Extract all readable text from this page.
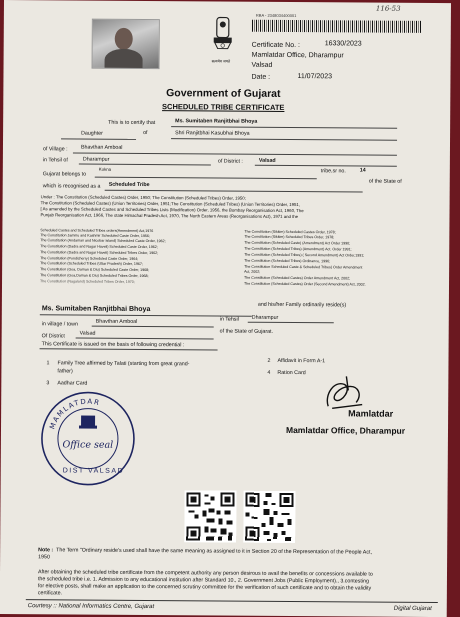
116-53
सत्यमेव जयते
RBA - 2348034400001
Certificate No. :	16330/2023
Mamlatdar Office, Dharampur
Valsad
Date :	11/07/2023
Government of Gujarat
SCHEDULED TRIBE CERTIFICATE
This is to certify that	Ms. Sumitaben Ranjitbhai Bhoya
Daughter	of	Shri Ranjitbhai Kasubhai Bhoya
of Village :	Bhavthan Amboal
in Tehsil of	Dharampur	of District :	Valsad
Gujarat belongs to
Kukna	tribe,sr no.	14
which is recognised as a Scheduled Tribe
of the State of
Under : The Constitution (Scheduled Castes) Order, 1950; The Constitution (Scheduled Tribes) Order, 1950;
The Constitution (Scheduled Castes) (Union Territories) Order, 1951;The Constitution (Scheduled Tribes) (Union Territories) Order, 1951,
[ As amended by the Scheduled Castes and Scheduled Tribes Lists (Modification) Order, 1956, the Bombay Reorganisation Act, 1960, The
Punjab Reorganisation Act, 1966, The state Himachal Pradesh Act, 1970, The North Eastern Areas (Reorganisations Act), 1971 and the
Scheduled Castes and Scheduled Tribes orders(Amendment) Act,1976
The Constitution Jammu and Kashmir Scheduled Caste Order, 1956;
The Constitution (Andaman and Nicobar Island) Scheduled Caste Order, 1962;
The Constitution (Dadra and Nagar Haveli) Scheduled Caste Order, 1962;
The Constitution (Dadra and Nagar Haveli) Scheduled Tribes Order, 1962;
The Constitution (Pondicherry) Scheduled Caste Order, 1964;
The Constitution (Scheduled Tribes (Uttar Pradesh) Order, 1967;
The Constitution (Goa, Daman & Diu) Scheduled Caste Order, 1968;
The Constitution (Goa,Daman & Diu) Scheduled Tribes Order, 1968;
The Constitution (Nagaland) Scheduled Tribes Order, 1970;
The Constitution (Sikkim) Scheduled Castes Order, 1978;
The Constitution (Sikkim) Scheduled Tribes Order, 1978;
The Constitution (Scheduled Caste) (Amendment) Act Order 1990;
The Constitution (Scheduled Tribes) (Amendment) Act. Order 1991;
The Constitution (Scheduled Tribes) ( Second Amendment) Act Order,1991;
The Constitution (Scheduled Tribes) Ordinance, 1996;
The Constitution Scheduled Caste & Scheduled Tribes) Order Amendment
Act, 2002;
The Constitution (Scheduled Castes) Order Amendment Act, 2002;
The Constitution (Scheduled Castes) Order (Second Amendment) Act, 2002.
Ms. Sumitaben Ranjitbhai Bhoya
and his/her Family ordinarily reside(s)
in village / town	Bhavthan Amboal	in Tehsil Dharampur
Of District	Valsad	of the State of Gujarat.
This Certificate is issued on the basis of following credential :
1 Family Tree affirmed by Talati (starting from great grand-
father)
2 Affidavit in Form A-1
3 Aadhar Card
4 Ration Card
MAMLATDAR
Office seal
DIST VALSAD
Mamlatdar
Mamlatdar Office, Dharampur
Note : The Term "Ordinary reside's used shall have the same meaning as assigned to it in Section 20 of the Representation of the People Act,
1950
After obtaining the scheduled tribe certificate from the competent authority any person desirous to avail the benefits or concessions available to
the scheduled tribe i.e. 1. Admission to any educational institution after Standard 10., 2. Government Jobs (Public Employment)., 3.contesting
for elective posts, shall make an application to the concerned scrutiny committee for the verification of such certificate and to obtain the validity
certificate.
Courtesy :: National Informatics Centre, Gujarat	Digital Gujarat
